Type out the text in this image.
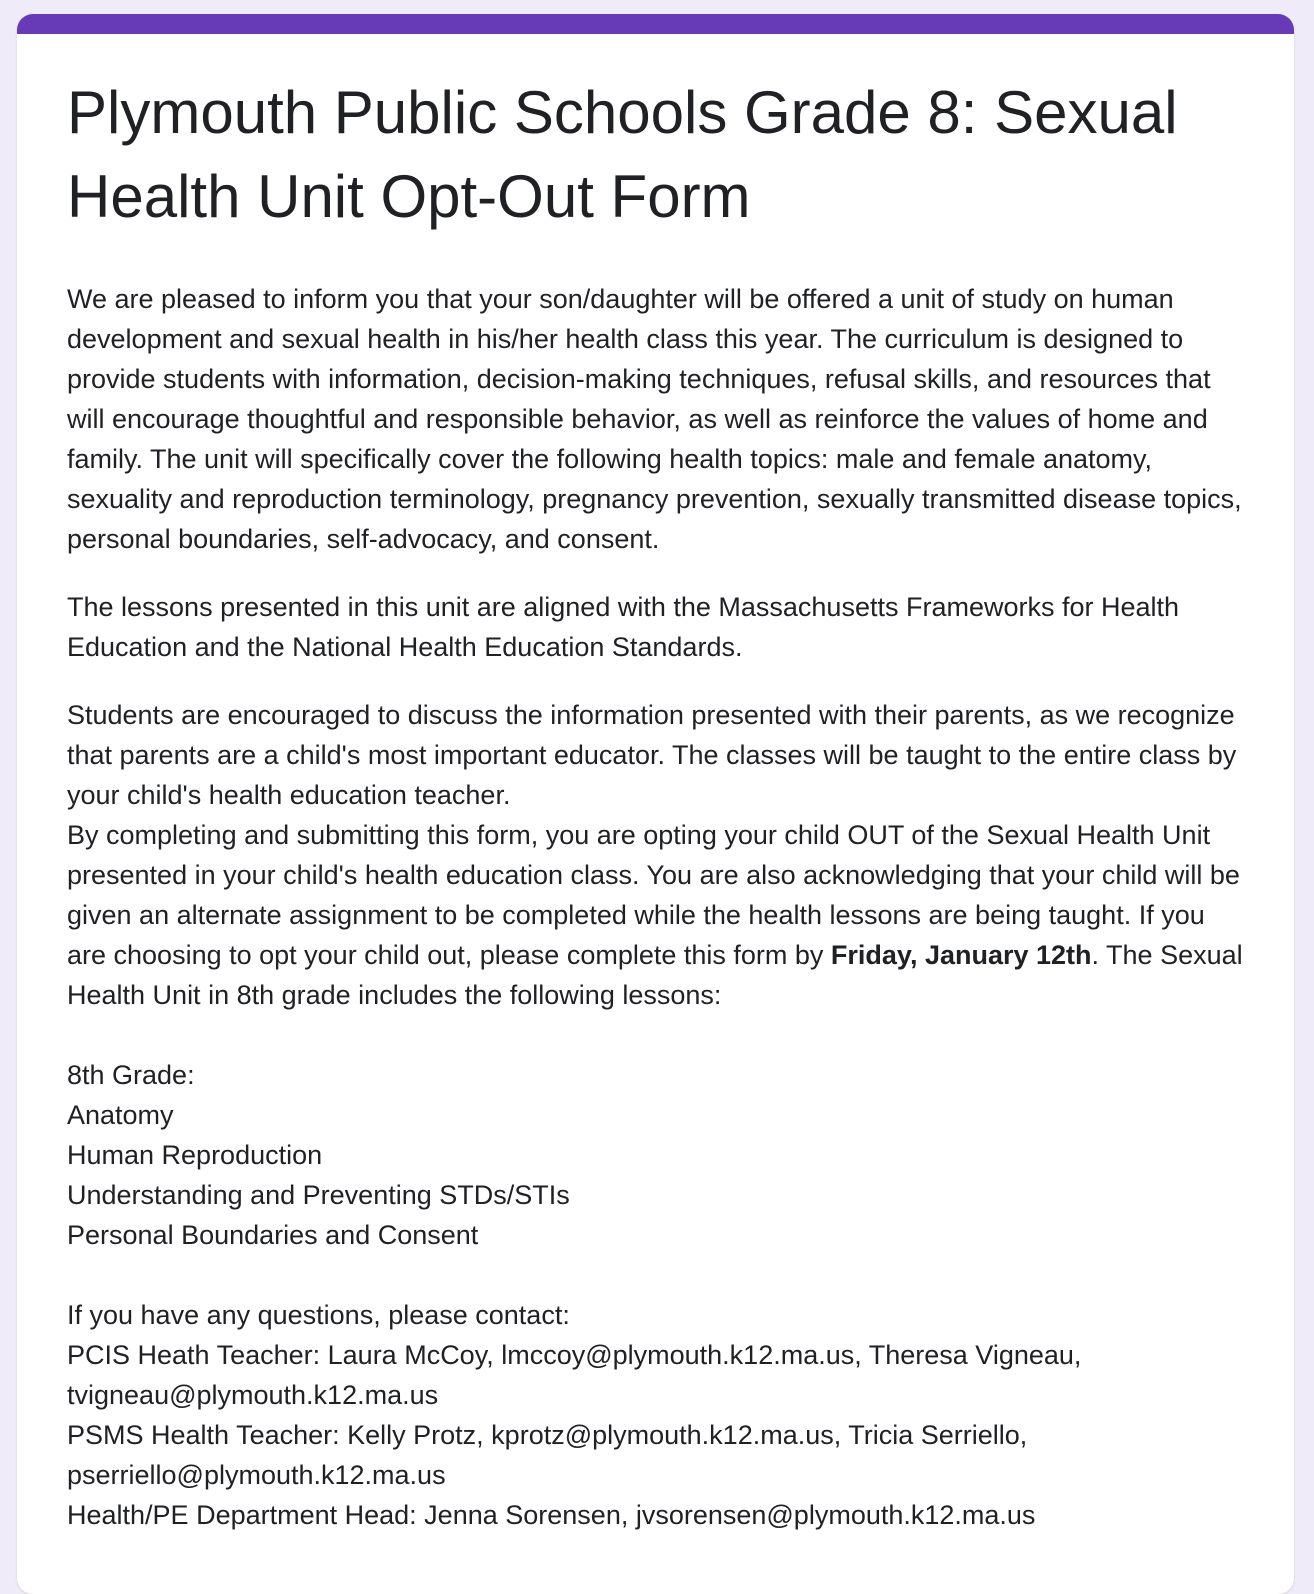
Plymouth Public Schools Grade 8: Sexual Health Unit Opt-Out Form

We are pleased to inform you that your son/daughter will be offered a unit of study on human development and sexual health in his/her health class this year. The curriculum is designed to provide students with information, decision-making techniques, refusal skills, and resources that will encourage thoughtful and responsible behavior, as well as reinforce the values of home and family. The unit will specifically cover the following health topics: male and female anatomy, sexuality and reproduction terminology, pregnancy prevention, sexually transmitted disease topics, personal boundaries, self-advocacy, and consent.

The lessons presented in this unit are aligned with the Massachusetts Frameworks for Health Education and the National Health Education Standards.

Students are encouraged to discuss the information presented with their parents, as we recognize that parents are a child's most important educator. The classes will be taught to the entire class by your child's health education teacher.

By completing and submitting this form, you are opting your child OUT of the Sexual Health Unit presented in your child's health education class. You are also acknowledging that your child will be given an alternate assignment to be completed while the health lessons are being taught. If you are choosing to opt your child out, please complete this form by Friday, January 12th. The Sexual Health Unit in 8th grade includes the following lessons:

8th Grade:
Anatomy
Human Reproduction
Understanding and Preventing STDs/STIs
Personal Boundaries and Consent
If you have any questions, please contact:
PCIS Heath Teacher: Laura McCoy, lmccoy@plymouth.k12.ma.us, Theresa Vigneau, tvigneau@plymouth.k12.ma.us
PSMS Health Teacher: Kelly Protz, kprotz@plymouth.k12.ma.us, Tricia Serriello, pserriello@plymouth.k12.ma.us
Health/PE Department Head: Jenna Sorensen, jvsorensen@plymouth.k12.ma.us
